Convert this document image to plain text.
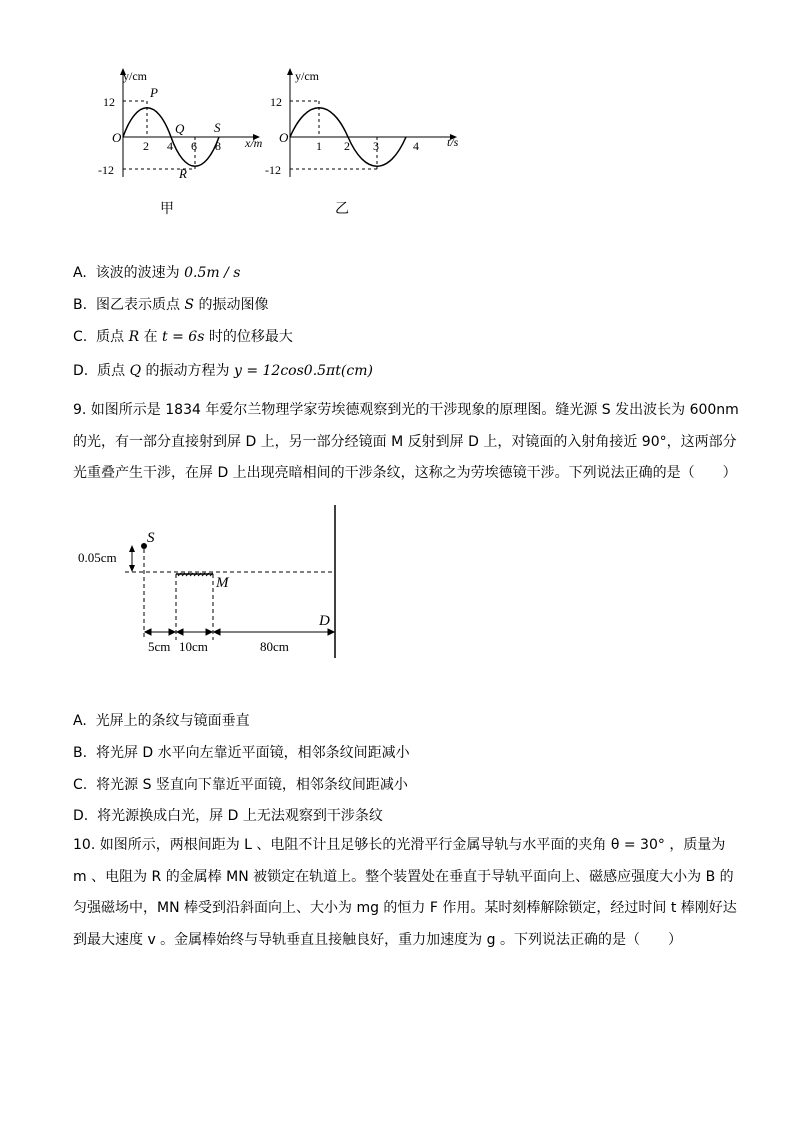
y/cm
x/m
O
12
-12
2 4 6 8
P
Q
R
S
y/cm
t/s
O
12
-12
1 2 3	4
甲	乙
A. 该波的波速为 0.5m / s
B. 图乙表示质点 S 的振动图像
C. 质点 R 在 t = 6s 时的位移最大
D. 质点 Q 的振动方程为 y = 12cos0.5πt(cm)

9. 如图所示是 1834 年爱尔兰物理学家劳埃德观察到光的干涉现象的原理图。缝光源 S 发出波长为 600nm

的光，有一部分直接射到屏 D 上，另一部分经镜面 M 反射到屏 D 上，对镜面的入射角接近 90°，这两部分

光重叠产生干涉，在屏 D 上出现亮暗相间的干涉条纹，这称之为劳埃德镜干涉。下列说法正确的是（　　）

S
0.05cm
M
5cm 10cm	80cm
D
A. 光屏上的条纹与镜面垂直
B. 将光屏 D 水平向左靠近平面镜，相邻条纹间距减小
C. 将光源 S 竖直向下靠近平面镜，相邻条纹间距减小
D. 将光源换成白光，屏 D 上无法观察到干涉条纹

10. 如图所示，两根间距为 L 、电阻不计且足够长的光滑平行金属导轨与水平面的夹角 θ = 30° ，质量为

m 、电阻为 R 的金属棒 MN 被锁定在轨道上。整个装置处在垂直于导轨平面向上、磁感应强度大小为 B 的

匀强磁场中，MN 棒受到沿斜面向上、大小为 mg 的恒力 F 作用。某时刻棒解除锁定，经过时间 t 棒刚好达

到最大速度 v 。金属棒始终与导轨垂直且接触良好，重力加速度为 g 。下列说法正确的是（　　）
